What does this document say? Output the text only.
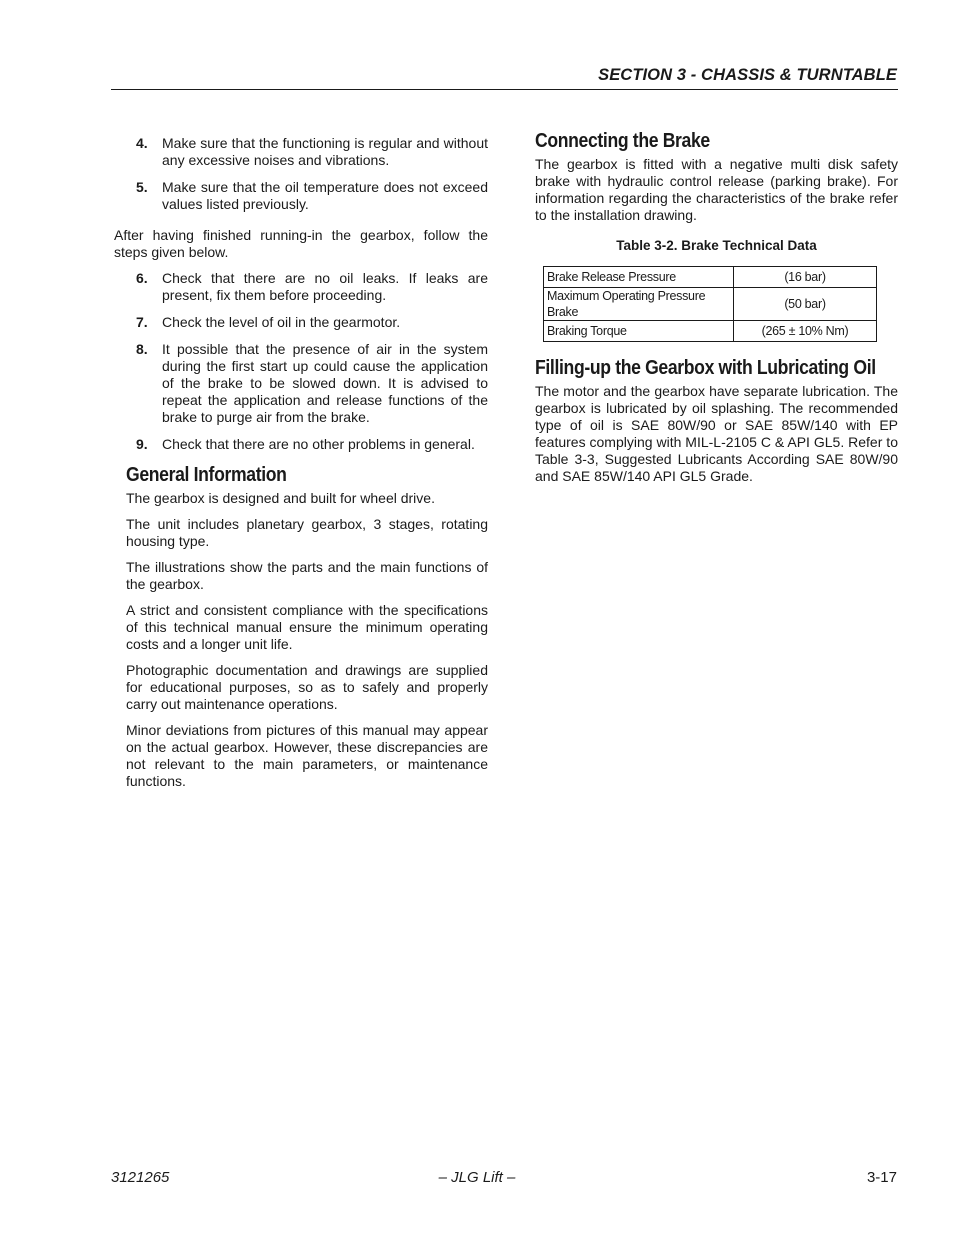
SECTION 3 - CHASSIS & TURNTABLE
4. Make sure that the functioning is regular and without any excessive noises and vibrations.
5. Make sure that the oil temperature does not exceed values listed previously.

After having finished running-in the gearbox, follow the steps given below.

6. Check that there are no oil leaks. If leaks are present, fix them before proceeding.
7. Check the level of oil in the gearmotor.
8. It possible that the presence of air in the system during the first start up could cause the application of the brake to be slowed down. It is advised to repeat the application and release functions of the brake to purge air from the brake.
9. Check that there are no other problems in general.
General Information

The gearbox is designed and built for wheel drive.

The unit includes planetary gearbox, 3 stages, rotating housing type.

The illustrations show the parts and the main functions of the gearbox.

A strict and consistent compliance with the specifications of this technical manual ensure the minimum operating costs and a longer unit life.

Photographic documentation and drawings are supplied for educational purposes, so as to safely and properly carry out maintenance operations.

Minor deviations from pictures of this manual may appear on the actual gearbox. However, these discrepancies are not relevant to the main parameters, or maintenance functions.

Connecting the Brake

The gearbox is fitted with a negative multi disk safety brake with hydraulic control release (parking brake). For information regarding the characteristics of the brake refer to the installation drawing.

Table 3-2. Brake Technical Data
Brake Release Pressure	(16 bar)
Maximum Operating Pressure Brake	(50 bar)
Braking Torque	(265 ± 10% Nm)
Filling-up the Gearbox with Lubricating Oil

The motor and the gearbox have separate lubrication. The gearbox is lubricated by oil splashing. The recommended type of oil is SAE 80W/90 or SAE 85W/140 with EP features complying with MIL-L-2105 C & API GL5. Refer to Table 3-3, Suggested Lubricants According SAE 80W/90 and SAE 85W/140 API GL5 Grade.

3121265	– JLG Lift –	3-17
